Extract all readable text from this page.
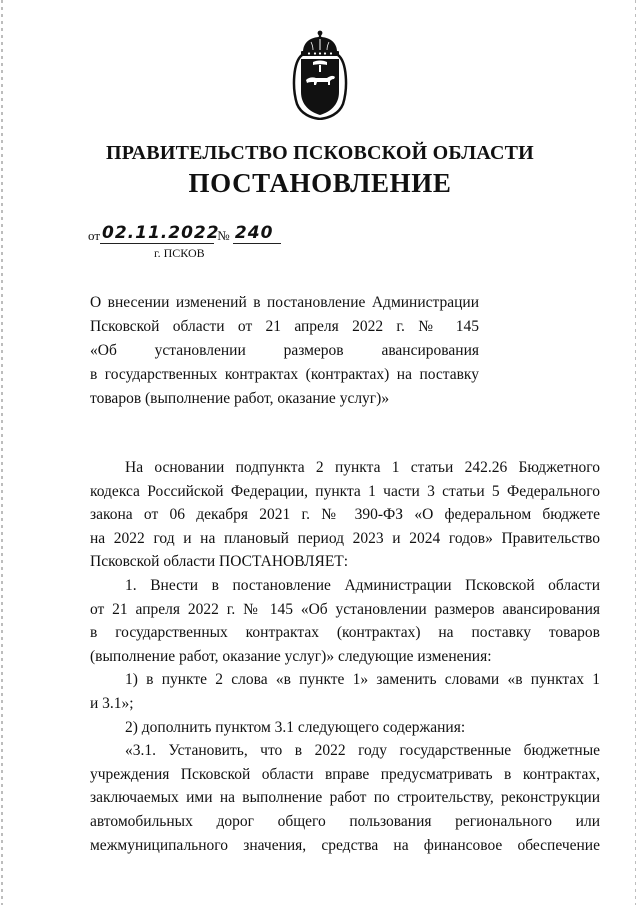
ПРАВИТЕЛЬСТВО ПСКОВСКОЙ ОБЛАСТИ
ПОСТАНОВЛЕНИЕ
от 02.11.2022 № 240
г. ПСКОВ
О внесении изменений в постановление Администрации
Псковской области от 21 апреля 2022 г. № 145
«Об установлении размеров авансирования
в государственных контрактах (контрактах) на поставку
товаров (выполнение работ, оказание услуг)»
На основании подпункта 2 пункта 1 статьи 242.26 Бюджетного
кодекса Российской Федерации, пункта 1 части 3 статьи 5 Федерального
закона от 06 декабря 2021 г. № 390-ФЗ «О федеральном бюджете
на 2022 год и на плановый период 2023 и 2024 годов» Правительство
Псковской области ПОСТАНОВЛЯЕТ:
1. Внести в постановление Администрации Псковской области
от 21 апреля 2022 г. № 145 «Об установлении размеров авансирования
в государственных контрактах (контрактах) на поставку товаров
(выполнение работ, оказание услуг)» следующие изменения:
1) в пункте 2 слова «в пункте 1» заменить словами «в пунктах 1
и 3.1»;
2) дополнить пунктом 3.1 следующего содержания:
«3.1. Установить, что в 2022 году государственные бюджетные
учреждения Псковской области вправе предусматривать в контрактах,
заключаемых ими на выполнение работ по строительству, реконструкции
автомобильных дорог общего пользования регионального или
межмуниципального значения, средства на финансовое обеспечение
